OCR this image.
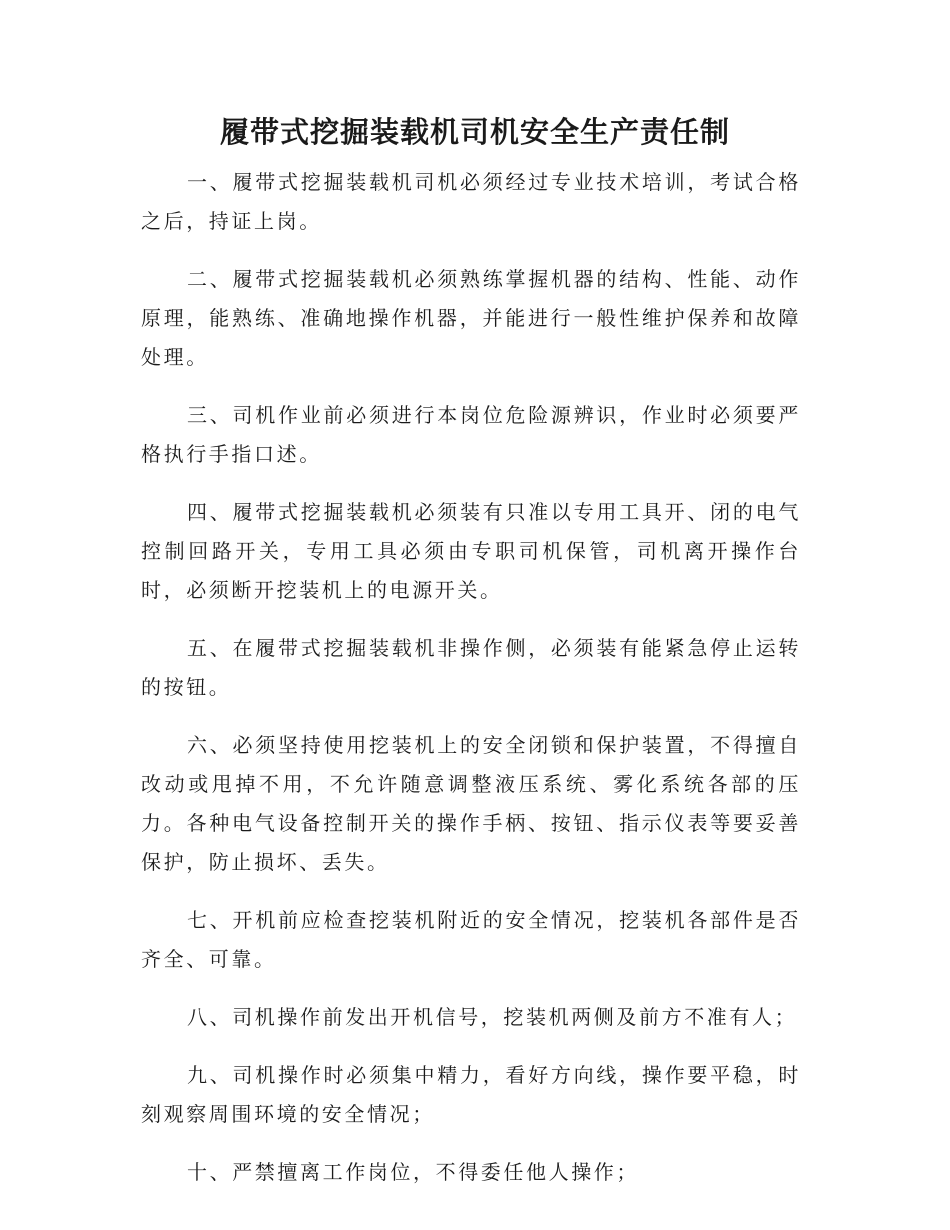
履带式挖掘装载机司机安全生产责任制

一、履带式挖掘装载机司机必须经过专业技术培训，考试合格之后，持证上岗。

二、履带式挖掘装载机必须熟练掌握机器的结构、性能、动作原理，能熟练、准确地操作机器，并能进行一般性维护保养和故障处理。

三、司机作业前必须进行本岗位危险源辨识，作业时必须要严格执行手指口述。

四、履带式挖掘装载机必须装有只准以专用工具开、闭的电气控制回路开关，专用工具必须由专职司机保管，司机离开操作台时，必须断开挖装机上的电源开关。

五、在履带式挖掘装载机非操作侧，必须装有能紧急停止运转的按钮。

六、必须坚持使用挖装机上的安全闭锁和保护装置，不得擅自改动或甩掉不用，不允许随意调整液压系统、雾化系统各部的压力。各种电气设备控制开关的操作手柄、按钮、指示仪表等要妥善保护，防止损坏、丢失。

七、开机前应检查挖装机附近的安全情况，挖装机各部件是否齐全、可靠。

八、司机操作前发出开机信号，挖装机两侧及前方不准有人；

九、司机操作时必须集中精力，看好方向线，操作要平稳，时刻观察周围环境的安全情况；

十、严禁擅离工作岗位，不得委任他人操作；
